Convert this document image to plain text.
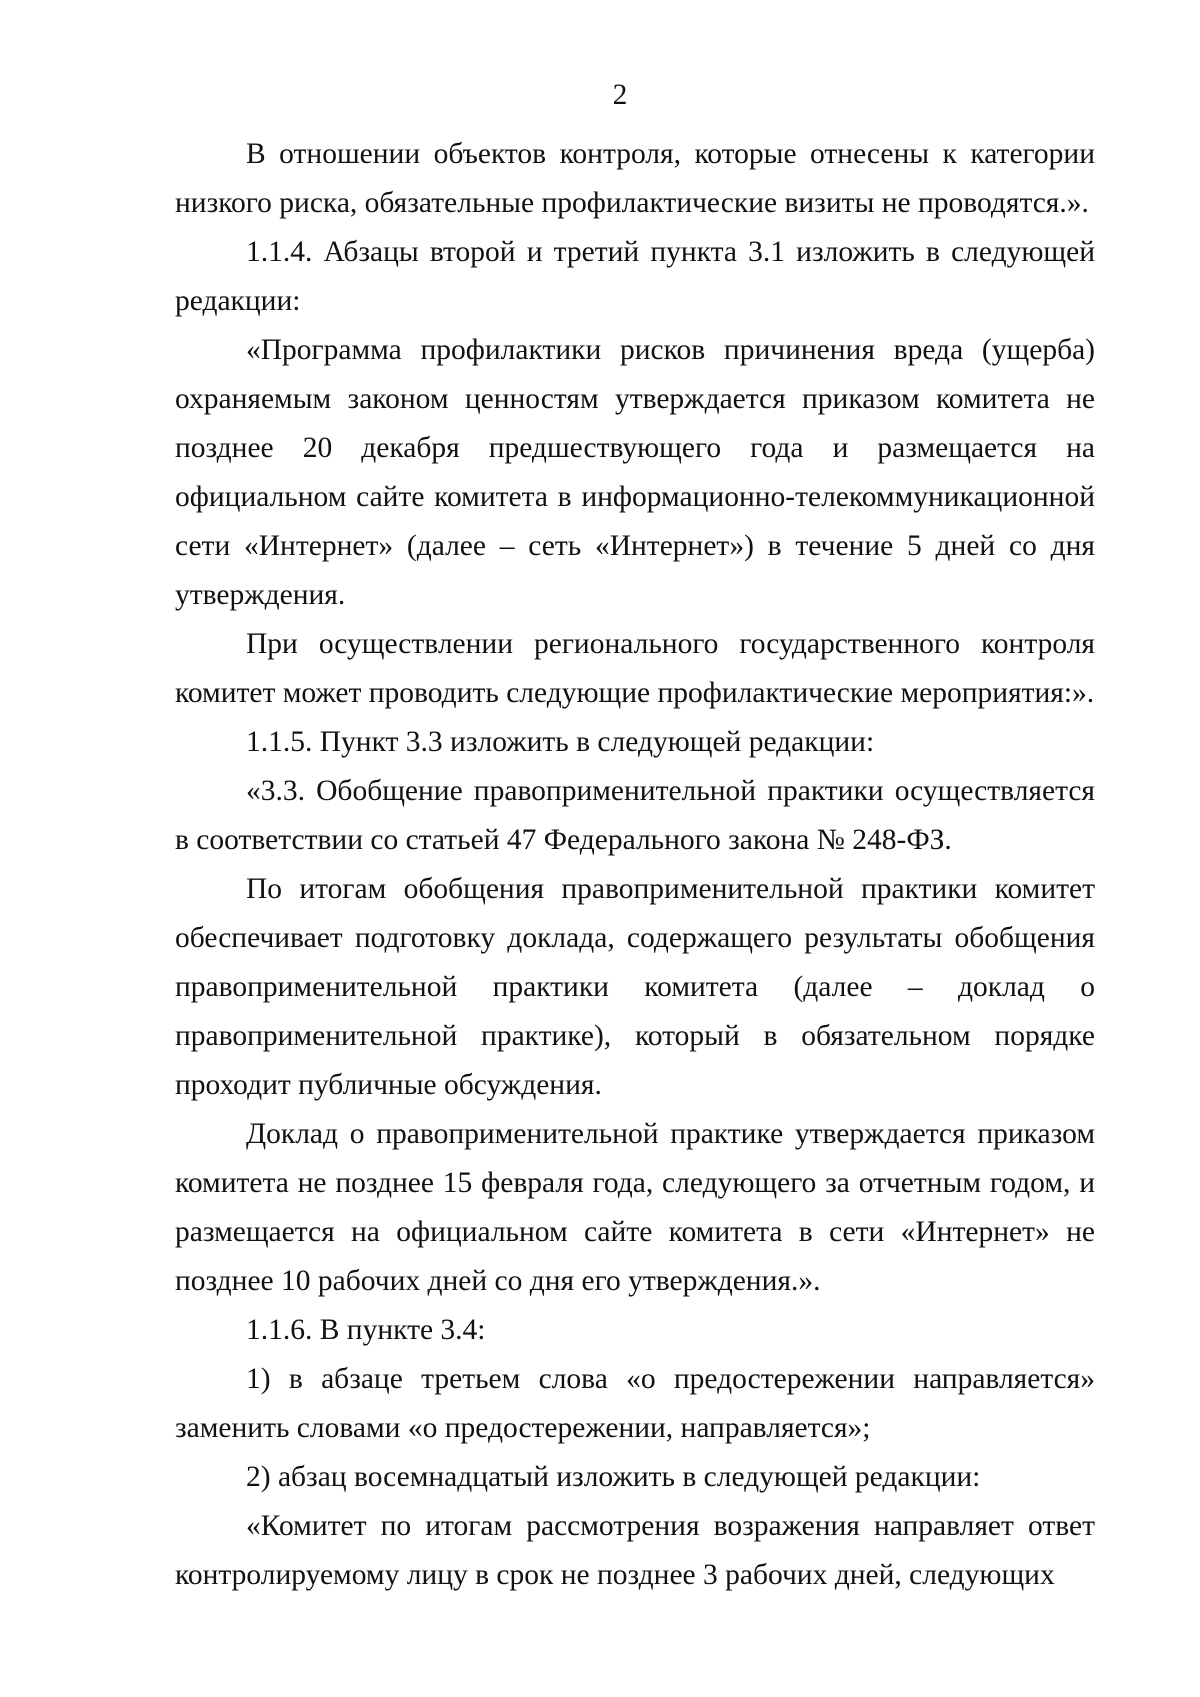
2

В отношении объектов контроля, которые отнесены к категории низкого риска, обязательные профилактические визиты не проводятся.».

1.1.4. Абзацы второй и третий пункта 3.1 изложить в следующей редакции:

«Программа профилактики рисков причинения вреда (ущерба) охраняемым законом ценностям утверждается приказом комитета не позднее 20 декабря предшествующего года и размещается на официальном сайте комитета в информационно-телекоммуникационной сети «Интернет» (далее – сеть «Интернет») в течение 5 дней со дня утверждения.

При осуществлении регионального государственного контроля комитет может проводить следующие профилактические мероприятия:».

1.1.5. Пункт 3.3 изложить в следующей редакции:

«3.3. Обобщение правоприменительной практики осуществляется в соответствии со статьей 47 Федерального закона № 248-ФЗ.

По итогам обобщения правоприменительной практики комитет обеспечивает подготовку доклада, содержащего результаты обобщения правоприменительной практики комитета (далее – доклад о правоприменительной практике), который в обязательном порядке проходит публичные обсуждения.

Доклад о правоприменительной практике утверждается приказом комитета не позднее 15 февраля года, следующего за отчетным годом, и размещается на официальном сайте комитета в сети «Интернет» не позднее 10 рабочих дней со дня его утверждения.».

1.1.6. В пункте 3.4:

1) в абзаце третьем слова «о предостережении направляется» заменить словами «о предостережении, направляется»;

2) абзац восемнадцатый изложить в следующей редакции:

«Комитет по итогам рассмотрения возражения направляет ответ контролируемому лицу в срок не позднее 3 рабочих дней, следующих
